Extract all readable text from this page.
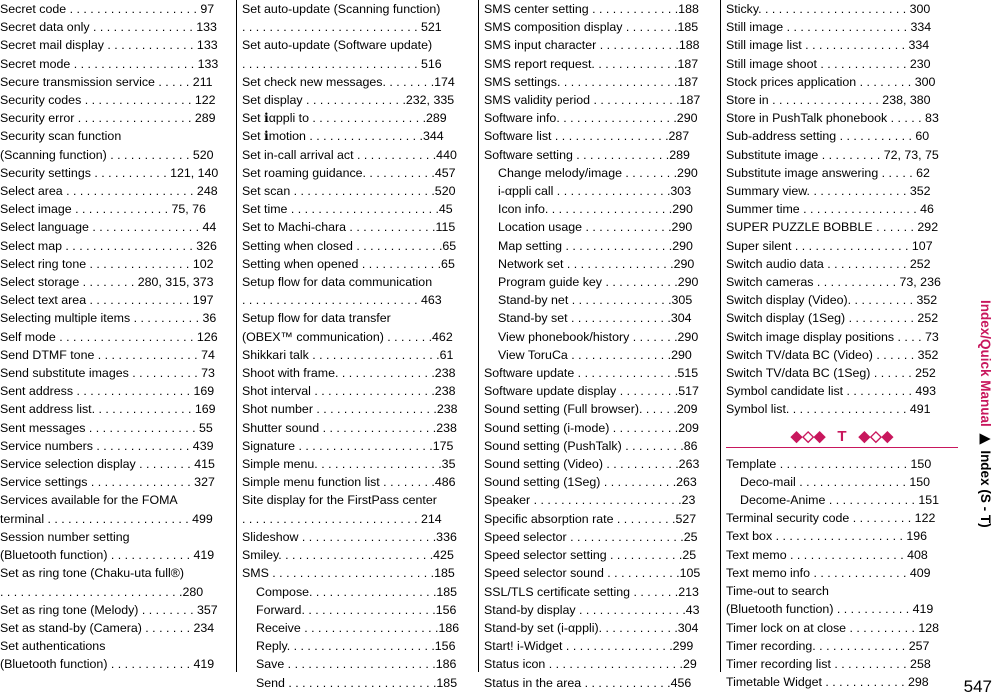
Secret code . . . . . . . . . . . . . . . . . . . 97
Secret data only . . . . . . . . . . . . . . . 133
Secret mail display . . . . . . . . . . . . . 133
Secret mode . . . . . . . . . . . . . . . . . . 133
Secure transmission service . . . . . 211
Security codes . . . . . . . . . . . . . . . . 122
Security error . . . . . . . . . . . . . . . . . 289
Security scan function
(Scanning function) . . . . . . . . . . . . 520
Security settings . . . . . . . . . . . 121, 140
Select area . . . . . . . . . . . . . . . . . . . 248
Select image . . . . . . . . . . . . . . 75, 76
Select language . . . . . . . . . . . . . . . . 44
Select map . . . . . . . . . . . . . . . . . . . 326
Select ring tone . . . . . . . . . . . . . . . 102
Select storage . . . . . . . . 280, 315, 373
Select text area . . . . . . . . . . . . . . . 197
Selecting multiple items . . . . . . . . . . 36
Self mode . . . . . . . . . . . . . . . . . . . . 126
Send DTMF tone . . . . . . . . . . . . . . . 74
Send substitute images . . . . . . . . . . 73
Sent address . . . . . . . . . . . . . . . . . 169
Sent address list. . . . . . . . . . . . . . . 169
Sent messages . . . . . . . . . . . . . . . . 55
Service numbers . . . . . . . . . . . . . . 439
Service selection display . . . . . . . . 415
Service settings . . . . . . . . . . . . . . . 327
Services available for the FOMA
terminal . . . . . . . . . . . . . . . . . . . . . 499
Session number setting
(Bluetooth function) . . . . . . . . . . . . 419
Set as ring tone (Chaku-uta full®)
. . . . . . . . . . . . . . . . . . . . . . . . . . .280
Set as ring tone (Melody) . . . . . . . . 357
Set as stand-by (Camera) . . . . . . . 234
Set authentications
(Bluetooth function) . . . . . . . . . . . . 419
Set auto-update (Scanning function)
. . . . . . . . . . . . . . . . . . . . . . . . . . 521
Set auto-update (Software update)
. . . . . . . . . . . . . . . . . . . . . . . . . . 516
Set check new messages. . . . . . . .174
Set display . . . . . . . . . . . . . . .232, 335
Set ℹαppli to . . . . . . . . . . . . . . . . .289
Set ℹmotion . . . . . . . . . . . . . . . . .344
Set in-call arrival act . . . . . . . . . . . .440
Set roaming guidance. . . . . . . . . . .457
Set scan . . . . . . . . . . . . . . . . . . . . .520
Set time . . . . . . . . . . . . . . . . . . . . . .45
Set to Machi-chara . . . . . . . . . . . . .115
Setting when closed . . . . . . . . . . . . .65
Setting when opened . . . . . . . . . . . .65
Setup flow for data communication
. . . . . . . . . . . . . . . . . . . . . . . . . . 463
Setup flow for data transfer
(OBEX™ communication) . . . . . . .462
Shikkari talk . . . . . . . . . . . . . . . . . . .61
Shoot with frame. . . . . . . . . . . . . . .238
Shot interval . . . . . . . . . . . . . . . . . .238
Shot number . . . . . . . . . . . . . . . . . .238
Shutter sound . . . . . . . . . . . . . . . . .238
Signature . . . . . . . . . . . . . . . . . . . .175
Simple menu. . . . . . . . . . . . . . . . . . .35
Simple menu function list . . . . . . . .486
Site display for the FirstPass center
. . . . . . . . . . . . . . . . . . . . . . . . . . 214
Slideshow . . . . . . . . . . . . . . . . . . . .336
Smiley. . . . . . . . . . . . . . . . . . . . . . .425
SMS . . . . . . . . . . . . . . . . . . . . . . . .185
Compose. . . . . . . . . . . . . . . . . . .185
Forward. . . . . . . . . . . . . . . . . . . .156
Receive . . . . . . . . . . . . . . . . . . . .186
Reply. . . . . . . . . . . . . . . . . . . . . .156
Save . . . . . . . . . . . . . . . . . . . . . .186
Send . . . . . . . . . . . . . . . . . . . . . .185
SMS center setting . . . . . . . . . . . . .188
SMS composition display . . . . . . . .185
SMS input character . . . . . . . . . . . .188
SMS report request. . . . . . . . . . . . .187
SMS settings. . . . . . . . . . . . . . . . . .187
SMS validity period . . . . . . . . . . . . .187
Software info. . . . . . . . . . . . . . . . . .290
Software list . . . . . . . . . . . . . . . . .287
Software setting . . . . . . . . . . . . . .289
Change melody/image . . . . . . . .290
i-αppli call . . . . . . . . . . . . . . . . .303
Icon info. . . . . . . . . . . . . . . . . . .290
Location usage . . . . . . . . . . . . .290
Map setting . . . . . . . . . . . . . . . .290
Network set . . . . . . . . . . . . . . . .290
Program guide key . . . . . . . . . . .290
Stand-by net . . . . . . . . . . . . . . .305
Stand-by set . . . . . . . . . . . . . . .304
View phonebook/history . . . . . . .290
View ToruCa . . . . . . . . . . . . . . .290
Software update . . . . . . . . . . . . . . .515
Software update display . . . . . . . . .517
Sound setting (Full browser). . . . . .209
Sound setting (i-mode) . . . . . . . . . .209
Sound setting (PushTalk) . . . . . . . . .86
Sound setting (Video) . . . . . . . . . . .263
Sound setting (1Seg) . . . . . . . . . . .263
Speaker . . . . . . . . . . . . . . . . . . . . . .23
Specific absorption rate . . . . . . . . .527
Speed selector . . . . . . . . . . . . . . . . .25
Speed selector setting . . . . . . . . . . .25
Speed selector sound . . . . . . . . . . .105
SSL/TLS certificate setting . . . . . . .213
Stand-by display . . . . . . . . . . . . . . . .43
Stand-by set (i-αppli). . . . . . . . . . . .304
Start! i-Widget . . . . . . . . . . . . . . . .299
Status icon . . . . . . . . . . . . . . . . . . . .29
Status in the area . . . . . . . . . . . . .456
Sticky. . . . . . . . . . . . . . . . . . . . . . 300
Still image . . . . . . . . . . . . . . . . . . 334
Still image list . . . . . . . . . . . . . . . 334
Still image shoot . . . . . . . . . . . . . 230
Stock prices application . . . . . . . . 300
Store in . . . . . . . . . . . . . . . . 238, 380
Store in PushTalk phonebook . . . . . 83
Sub-address setting . . . . . . . . . . . 60
Substitute image . . . . . . . . . 72, 73, 75
Substitute image answering . . . . . 62
Summary view. . . . . . . . . . . . . . . 352
Summer time . . . . . . . . . . . . . . . . . 46
SUPER PUZZLE BOBBLE . . . . . . 292
Super silent . . . . . . . . . . . . . . . . . 107
Switch audio data . . . . . . . . . . . . 252
Switch cameras . . . . . . . . . . . . 73, 236
Switch display (Video). . . . . . . . . . 352
Switch display (1Seg) . . . . . . . . . . 252
Switch image display positions . . . . 73
Switch TV/data BC (Video) . . . . . . 352
Switch TV/data BC (1Seg) . . . . . . 252
Symbol candidate list . . . . . . . . . . 493
Symbol list. . . . . . . . . . . . . . . . . . 491
◆◇◆ T ◆◇◆
Template . . . . . . . . . . . . . . . . . . . 150
Deco-mail . . . . . . . . . . . . . . . . 150
Decome-Anime . . . . . . . . . . . . . 151
Terminal security code . . . . . . . . . 122
Text box . . . . . . . . . . . . . . . . . . . 196
Text memo . . . . . . . . . . . . . . . . . 408
Text memo info . . . . . . . . . . . . . . 409
Time-out to search
(Bluetooth function) . . . . . . . . . . . 419
Timer lock on at close . . . . . . . . . . 128
Timer recording. . . . . . . . . . . . . . 257
Timer recording list . . . . . . . . . . . 258
Timetable Widget . . . . . . . . . . . . 298
Index/Quick Manual ▶ Index (S - T)
547
